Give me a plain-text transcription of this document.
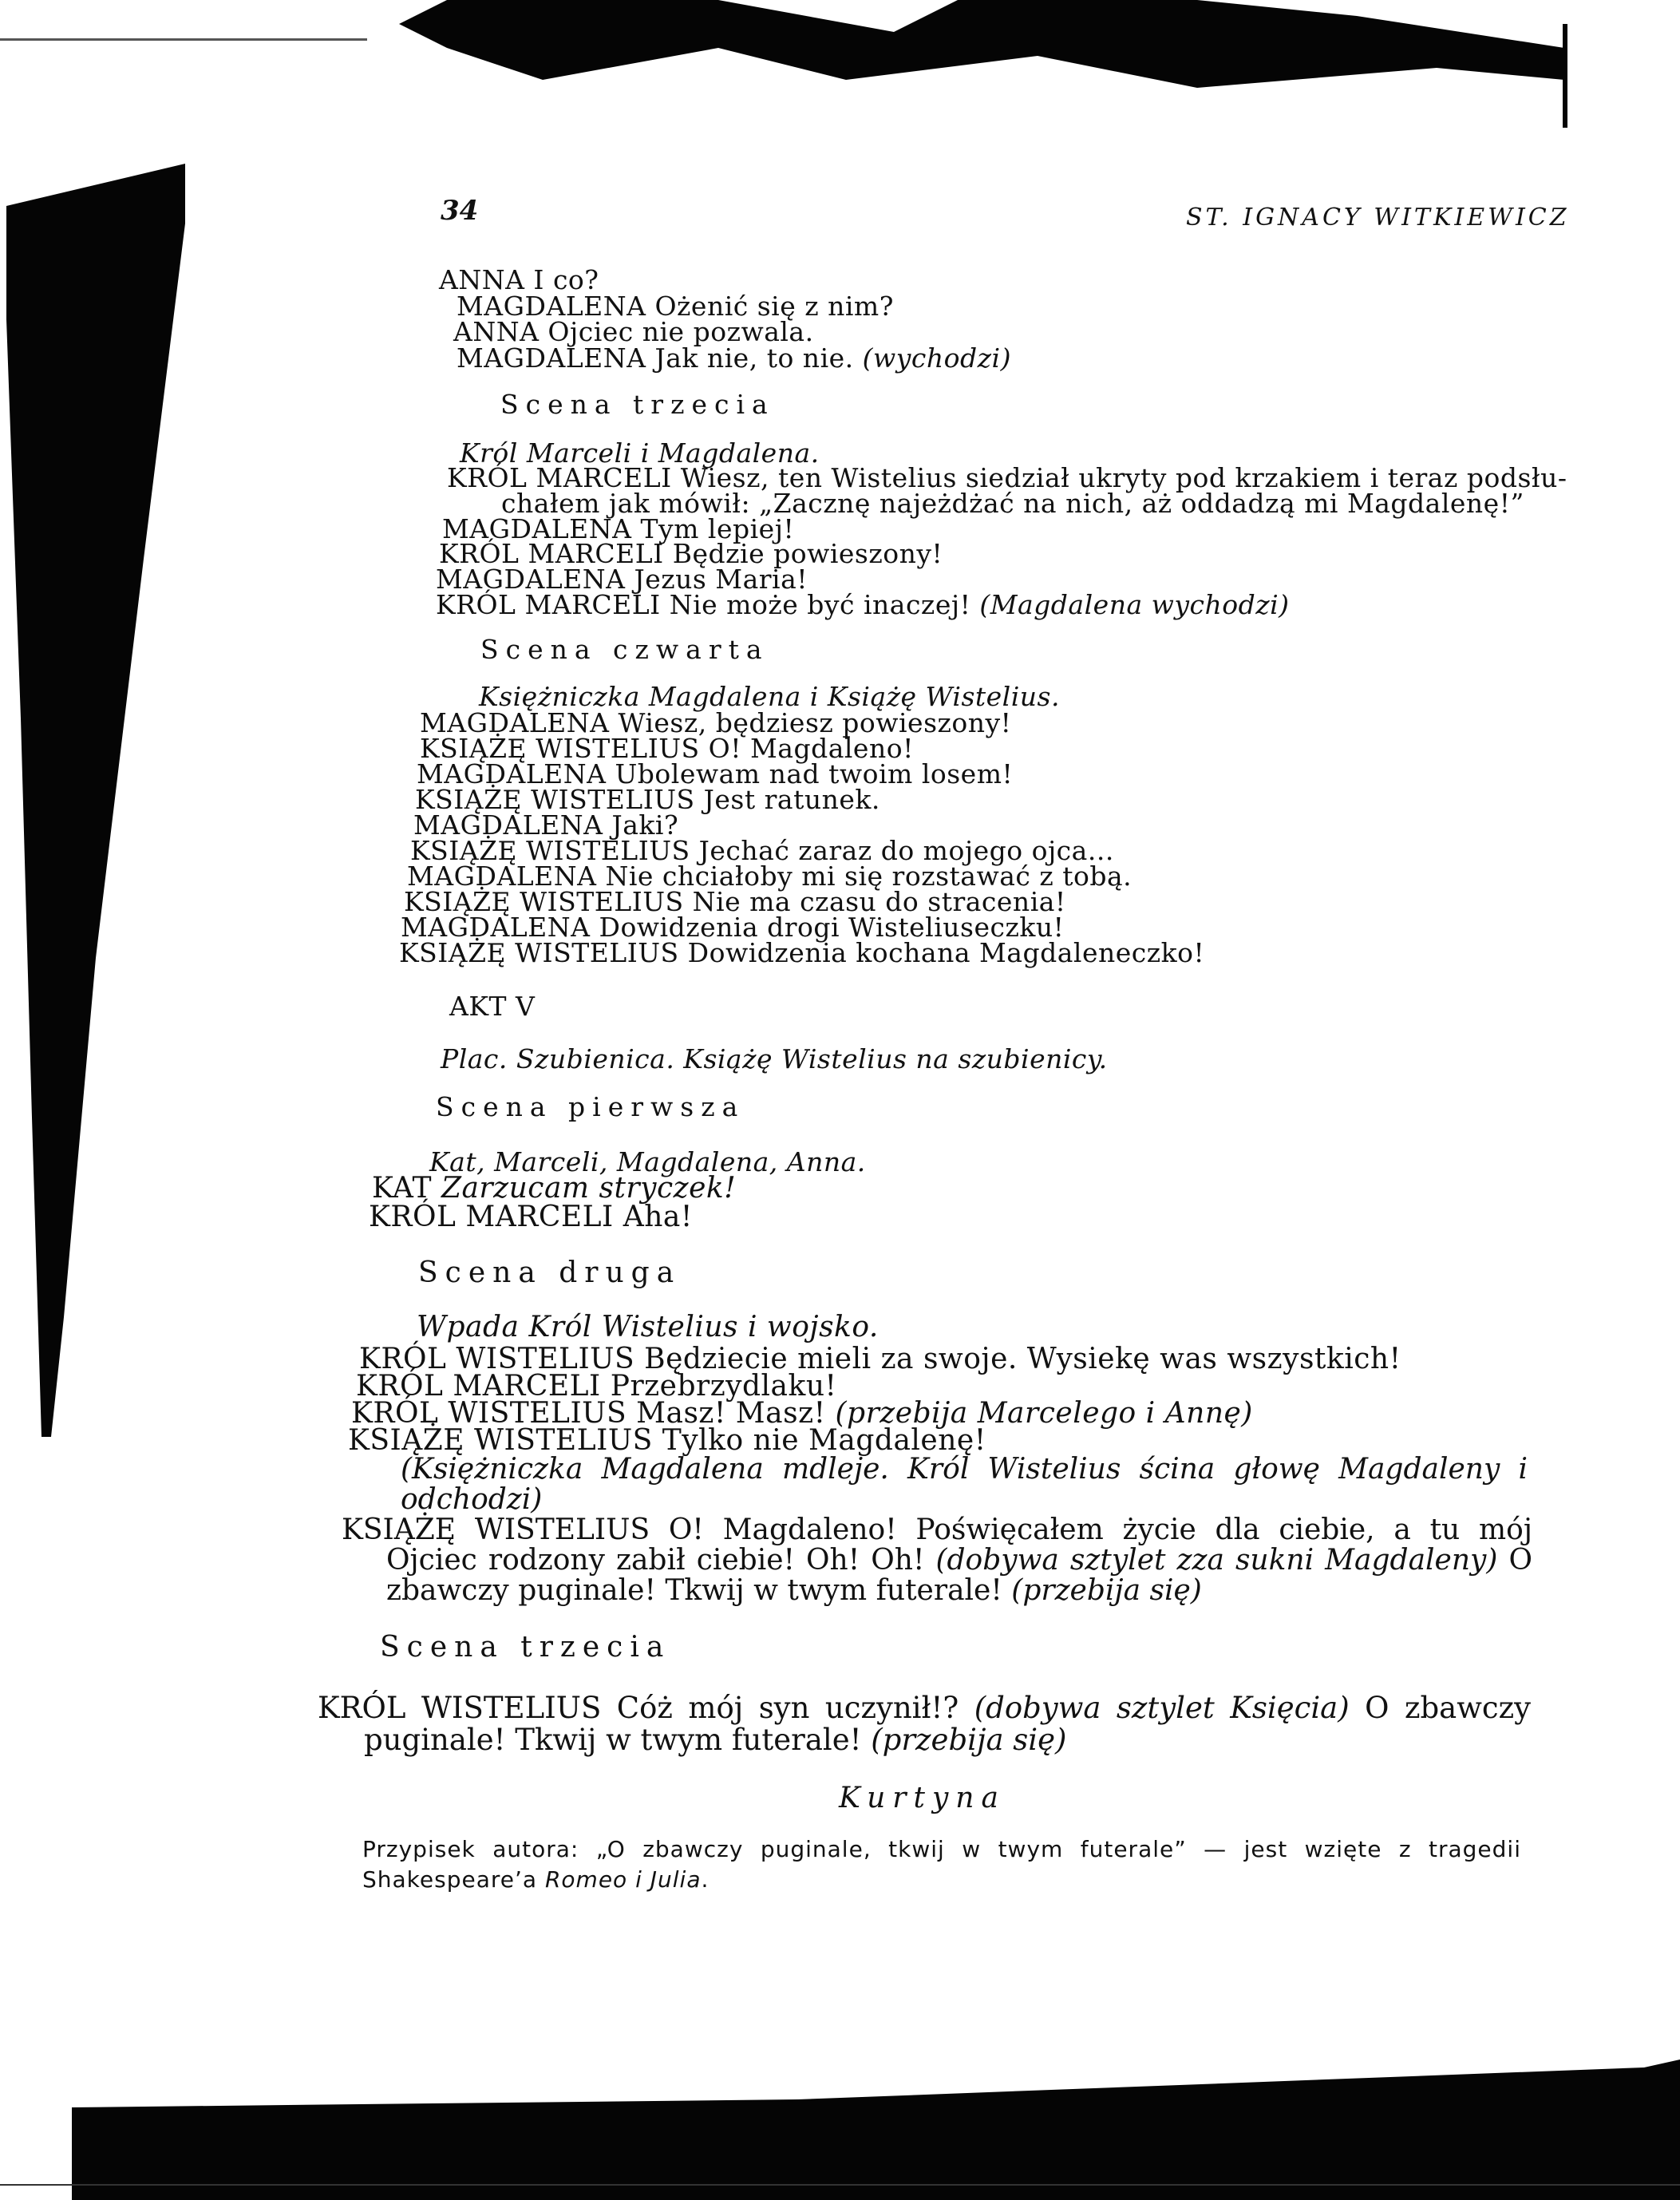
34	ST. IGNACY WITKIEWICZ
ANNA I co?
MAGDALENA Ożenić się z nim?
ANNA Ojciec nie pozwala.
MAGDALENA Jak nie, to nie. (wychodzi)
Scena trzecia
Król Marceli i Magdalena.
KRÓL MARCELI Wiesz, ten Wistelius siedział ukryty pod krzakiem i teraz podsłu-
chałem jak mówił: „Zacznę najeżdżać na nich, aż oddadzą mi Magdalenę!”
MAGDALENA Tym lepiej!
KRÓL MARCELI Będzie powieszony!
MAGDALENA Jezus Maria!
KRÓL MARCELI Nie może być inaczej! (Magdalena wychodzi)
Scena czwarta
Księżniczka Magdalena i Książę Wistelius.
MAGDALENA Wiesz, będziesz powieszony!
KSIĄŻĘ WISTELIUS O! Magdaleno!
MAGDALENA Ubolewam nad twoim losem!
KSIĄŻĘ WISTELIUS Jest ratunek.
MAGDALENA Jaki?
KSIĄŻĘ WISTELIUS Jechać zaraz do mojego ojca...
MAGDALENA Nie chciałoby mi się rozstawać z tobą.
KSIĄŻĘ WISTELIUS Nie ma czasu do stracenia!
MAGDALENA Dowidzenia drogi Wisteliuseczku!
KSIĄŻĘ WISTELIUS Dowidzenia kochana Magdaleneczko!
AKT V
Plac. Szubienica. Książę Wistelius na szubienicy.
Scena pierwsza
Kat, Marceli, Magdalena, Anna.
KAT Zarzucam stryczek!
KRÓL MARCELI Aha!
Scena druga
Wpada Król Wistelius i wojsko.
KRÓL WISTELIUS Będziecie mieli za swoje. Wysiekę was wszystkich!
KRÓL MARCELI Przebrzydlaku!
KRÓL WISTELIUS Masz! Masz! (przebija Marcelego i Annę)
KSIĄŻĘ WISTELIUS Tylko nie Magdalenę!
(Księżniczka Magdalena mdleje. Król Wistelius ścina głowę Magdaleny i odchodzi)
KSIĄŻĘ WISTELIUS O! Magdaleno! Poświęcałem życie dla ciebie, a tu mój Ojciec rodzony zabił ciebie! Oh! Oh! (dobywa sztylet zza sukni Magdaleny) O zbawczy puginale! Tkwij w twym futerale! (przebija się)
Scena trzecia
KRÓL WISTELIUS Cóż mój syn uczynił!? (dobywa sztylet Księcia) O zbawczy puginale! Tkwij w twym futerale! (przebija się)
Kurtyna
Przypisek autora: „O zbawczy puginale, tkwij w twym futerale” — jest wzięte z tragedii Shakespeare’a Romeo i Julia.
